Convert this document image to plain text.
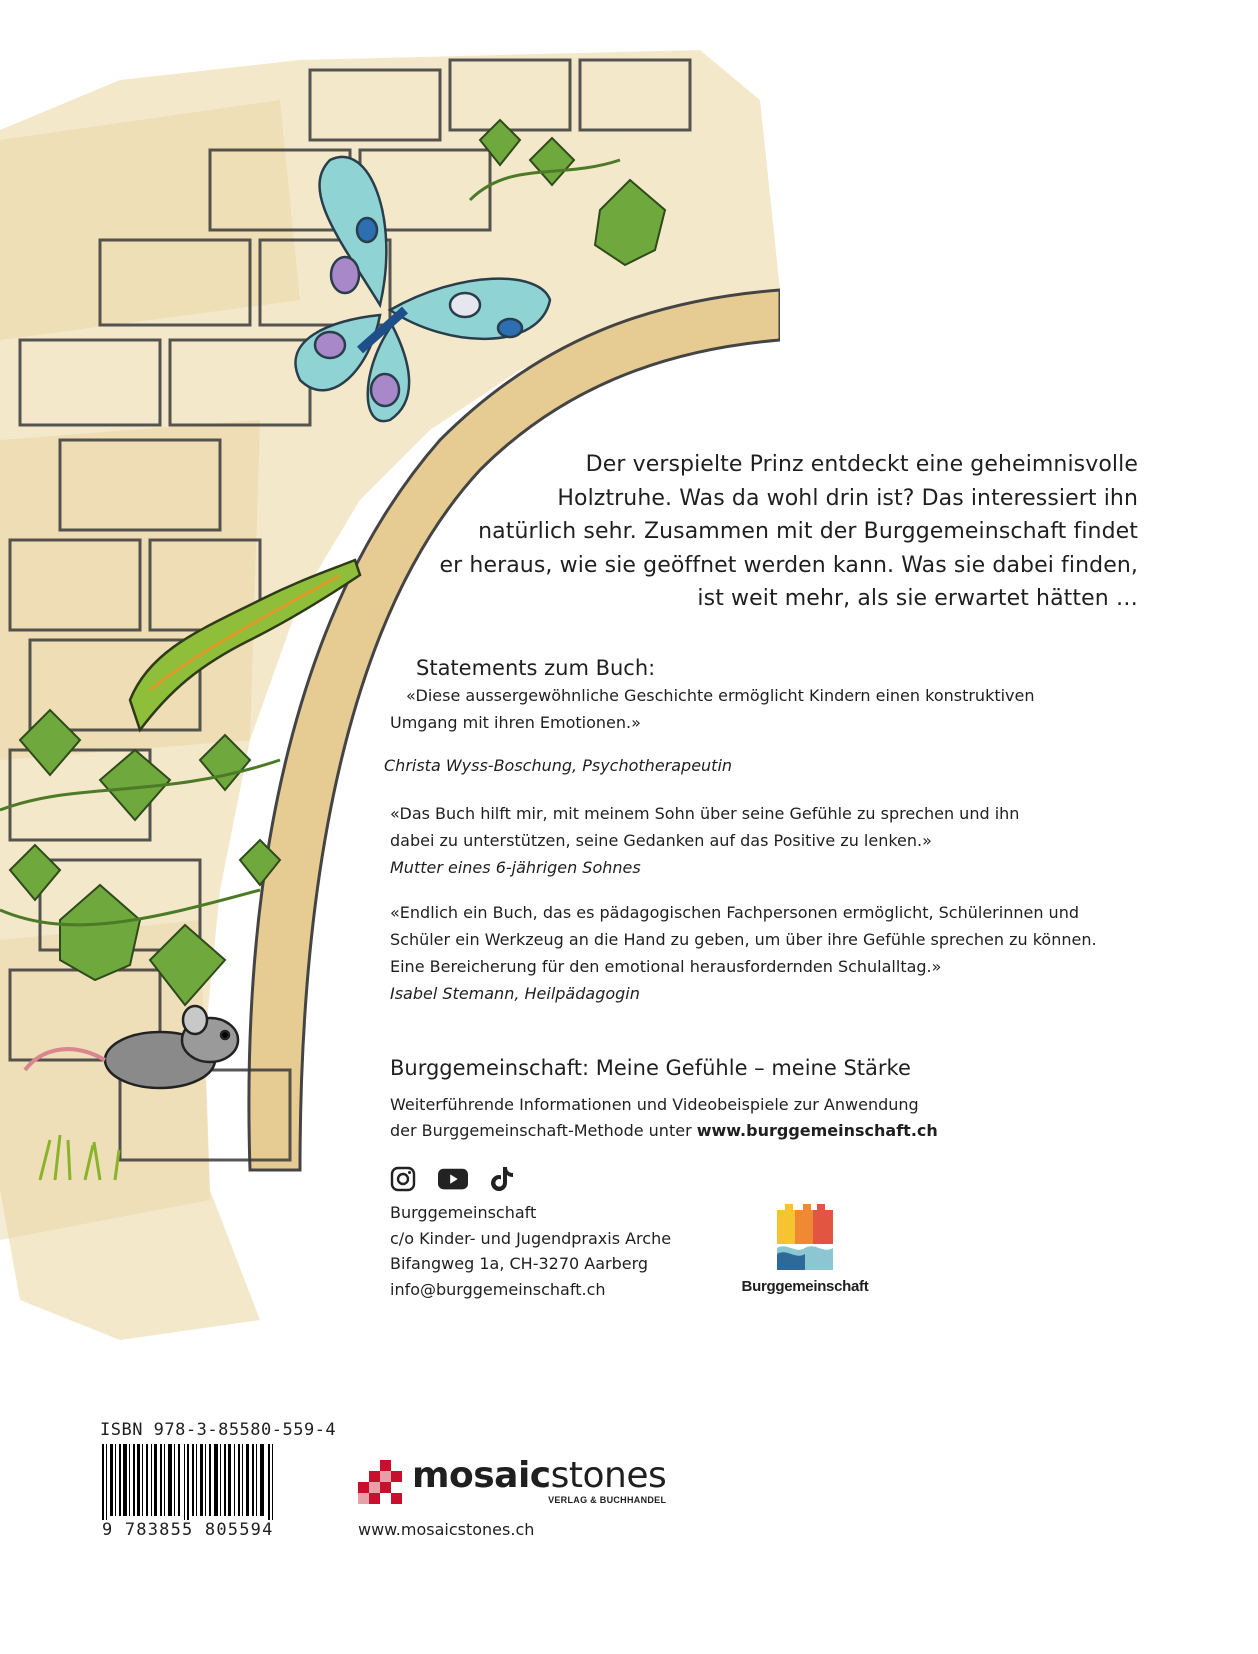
Der verspielte Prinz entdeckt eine geheimnisvolle
Holztruhe. Was da wohl drin ist? Das interessiert ihn
natürlich sehr. Zusammen mit der Burggemeinschaft findet
er heraus, wie sie geöffnet werden kann. Was sie dabei finden,
ist weit mehr, als sie erwartet hätten …
Statements zum Buch:
«Diese aussergewöhnliche Geschichte ermöglicht Kindern einen konstruktiven
Umgang mit ihren Emotionen.»
Christa Wyss-Boschung, Psychotherapeutin
«Das Buch hilft mir, mit meinem Sohn über seine Gefühle zu sprechen und ihn
dabei zu unterstützen, seine Gedanken auf das Positive zu lenken.»
Mutter eines 6-jährigen Sohnes
«Endlich ein Buch, das es pädagogischen Fachpersonen ermöglicht, Schülerinnen und
Schüler ein Werkzeug an die Hand zu geben, um über ihre Gefühle sprechen zu können.
Eine Bereicherung für den emotional herausfordernden Schulalltag.»
Isabel Stemann, Heilpädagogin
Burggemeinschaft: Meine Gefühle – meine Stärke
Weiterführende Informationen und Videobeispiele zur Anwendung
der Burggemeinschaft-Methode unter www.burggemeinschaft.ch
Burggemeinschaft
c/o Kinder- und Jugendpraxis Arche
Bifangweg 1a, CH-3270 Aarberg
info@burggemeinschaft.ch	Burggemeinschaft
ISBN 978-3-85580-559-4
9 783855 805594
mosaicstones
VERLAG & BUCHHANDEL
www.mosaicstones.ch
